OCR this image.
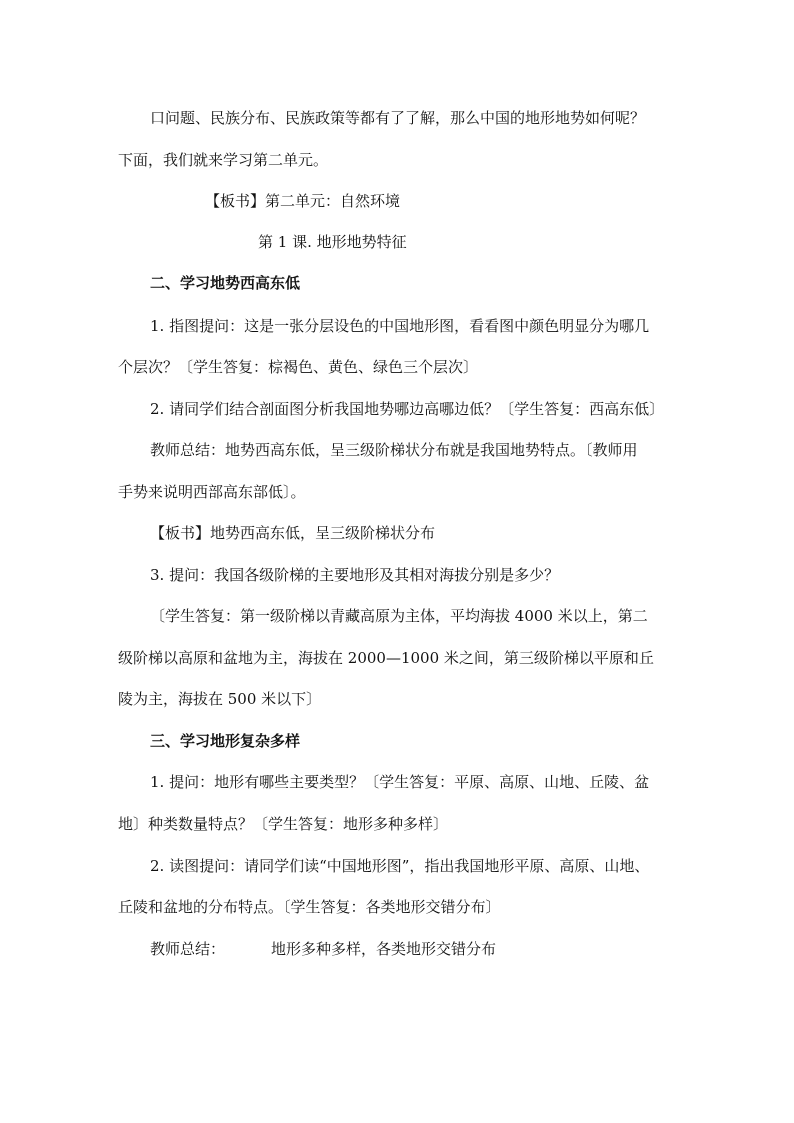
口问题、民族分布、民族政策等都有了了解，那么中国的地形地势如何呢？
下面，我们就来学习第二单元。
【板书】第二单元：自然环境
第 1 课. 地形地势特征
二、学习地势西高东低
1. 指图提问：这是一张分层设色的中国地形图，看看图中颜色明显分为哪几
个层次？〔学生答复：棕褐色、黄色、绿色三个层次〕
2. 请同学们结合剖面图分析我国地势哪边高哪边低？〔学生答复：西高东低〕
教师总结：地势西高东低，呈三级阶梯状分布就是我国地势特点。〔教师用
手势来说明西部高东部低〕。
【板书】地势西高东低，呈三级阶梯状分布
3. 提问：我国各级阶梯的主要地形及其相对海拔分别是多少？
〔学生答复：第一级阶梯以青藏高原为主体，平均海拔 4000 米以上，第二
级阶梯以高原和盆地为主，海拔在 2000—1000 米之间，第三级阶梯以平原和丘
陵为主，海拔在 500 米以下〕
三、学习地形复杂多样
1. 提问：地形有哪些主要类型？〔学生答复：平原、高原、山地、丘陵、盆
地〕种类数量特点？〔学生答复：地形多种多样〕
2. 读图提问：请同学们读“中国地形图”，指出我国地形平原、高原、山地、
丘陵和盆地的分布特点。〔学生答复：各类地形交错分布〕
教师总结：	地形多种多样，各类地形交错分布
